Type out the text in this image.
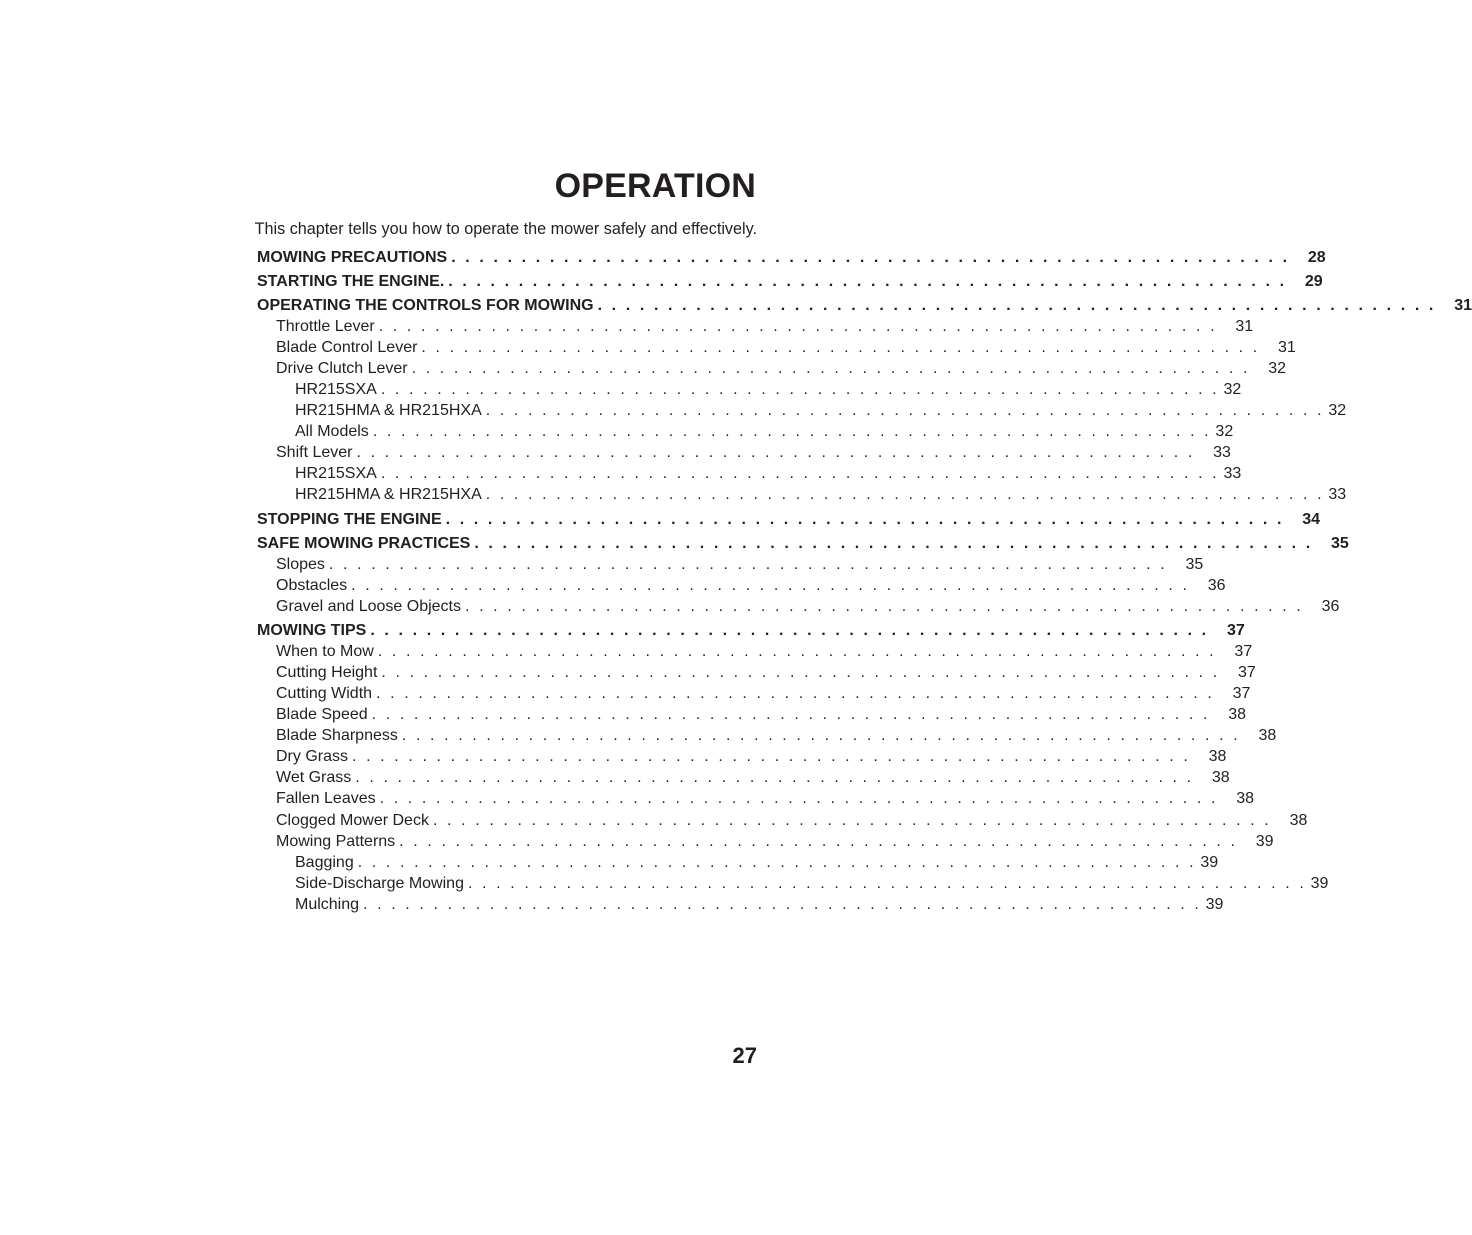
OPERATION
This chapter tells you how to operate the mower safely and effectively.
MOWING PRECAUTIONS . . . . . . . . . . . . . . . . . . . . . . . . . . . . . . . . . . . . . . . . . . . . . . . . . . . . . . . . . . . .	28
STARTING THE ENGINE. . . . . . . . . . . . . . . . . . . . . . . . . . . . . . . . . . . . . . . . . . . . . . . . . . . . . . . . . . . . .	29
OPERATING THE CONTROLS FOR MOWING . . . . . . . . . . . . . . . . . . . . . . . . . . . . . . . . . . . . . . . . . . . . . . . . . . . . . . . . . . . .	31
Throttle Lever . . . . . . . . . . . . . . . . . . . . . . . . . . . . . . . . . . . . . . . . . . . . . . . . . . . . . . . . . . . .	31
Blade Control Lever . . . . . . . . . . . . . . . . . . . . . . . . . . . . . . . . . . . . . . . . . . . . . . . . . . . . . . . . . . . .	31
Drive Clutch Lever . . . . . . . . . . . . . . . . . . . . . . . . . . . . . . . . . . . . . . . . . . . . . . . . . . . . . . . . . . . .	32
HR215SXA . . . . . . . . . . . . . . . . . . . . . . . . . . . . . . . . . . . . . . . . . . . . . . . . . . . . . . . . . . . . 32
HR215HMA & HR215HXA . . . . . . . . . . . . . . . . . . . . . . . . . . . . . . . . . . . . . . . . . . . . . . . . . . . . . . . . . . . . 32
All Models . . . . . . . . . . . . . . . . . . . . . . . . . . . . . . . . . . . . . . . . . . . . . . . . . . . . . . . . . . . . 32
Shift Lever . . . . . . . . . . . . . . . . . . . . . . . . . . . . . . . . . . . . . . . . . . . . . . . . . . . . . . . . . . . .	33
HR215SXA . . . . . . . . . . . . . . . . . . . . . . . . . . . . . . . . . . . . . . . . . . . . . . . . . . . . . . . . . . . . 33
HR215HMA & HR215HXA . . . . . . . . . . . . . . . . . . . . . . . . . . . . . . . . . . . . . . . . . . . . . . . . . . . . . . . . . . . . 33
STOPPING THE ENGINE . . . . . . . . . . . . . . . . . . . . . . . . . . . . . . . . . . . . . . . . . . . . . . . . . . . . . . . . . . . .	34
SAFE MOWING PRACTICES . . . . . . . . . . . . . . . . . . . . . . . . . . . . . . . . . . . . . . . . . . . . . . . . . . . . . . . . . . . .	35
Slopes . . . . . . . . . . . . . . . . . . . . . . . . . . . . . . . . . . . . . . . . . . . . . . . . . . . . . . . . . . . .	35
Obstacles . . . . . . . . . . . . . . . . . . . . . . . . . . . . . . . . . . . . . . . . . . . . . . . . . . . . . . . . . . . .	36
Gravel and Loose Objects . . . . . . . . . . . . . . . . . . . . . . . . . . . . . . . . . . . . . . . . . . . . . . . . . . . . . . . . . . . .	36
MOWING TIPS . . . . . . . . . . . . . . . . . . . . . . . . . . . . . . . . . . . . . . . . . . . . . . . . . . . . . . . . . . . .	37
When to Mow . . . . . . . . . . . . . . . . . . . . . . . . . . . . . . . . . . . . . . . . . . . . . . . . . . . . . . . . . . . .	37
Cutting Height . . . . . . . . . . . . . . . . . . . . . . . . . . . . . . . . . . . . . . . . . . . . . . . . . . . . . . . . . . . .	37
Cutting Width . . . . . . . . . . . . . . . . . . . . . . . . . . . . . . . . . . . . . . . . . . . . . . . . . . . . . . . . . . . .	37
Blade Speed . . . . . . . . . . . . . . . . . . . . . . . . . . . . . . . . . . . . . . . . . . . . . . . . . . . . . . . . . . . .	38
Blade Sharpness . . . . . . . . . . . . . . . . . . . . . . . . . . . . . . . . . . . . . . . . . . . . . . . . . . . . . . . . . . . .	38
Dry Grass . . . . . . . . . . . . . . . . . . . . . . . . . . . . . . . . . . . . . . . . . . . . . . . . . . . . . . . . . . . .	38
Wet Grass . . . . . . . . . . . . . . . . . . . . . . . . . . . . . . . . . . . . . . . . . . . . . . . . . . . . . . . . . . . .	38
Fallen Leaves . . . . . . . . . . . . . . . . . . . . . . . . . . . . . . . . . . . . . . . . . . . . . . . . . . . . . . . . . . . .	38
Clogged Mower Deck . . . . . . . . . . . . . . . . . . . . . . . . . . . . . . . . . . . . . . . . . . . . . . . . . . . . . . . . . . . .	38
Mowing Patterns . . . . . . . . . . . . . . . . . . . . . . . . . . . . . . . . . . . . . . . . . . . . . . . . . . . . . . . . . . . .	39
Bagging . . . . . . . . . . . . . . . . . . . . . . . . . . . . . . . . . . . . . . . . . . . . . . . . . . . . . . . . . . . . 39
Side-Discharge Mowing . . . . . . . . . . . . . . . . . . . . . . . . . . . . . . . . . . . . . . . . . . . . . . . . . . . . . . . . . . . . 39
Mulching . . . . . . . . . . . . . . . . . . . . . . . . . . . . . . . . . . . . . . . . . . . . . . . . . . . . . . . . . . . . 39
27
